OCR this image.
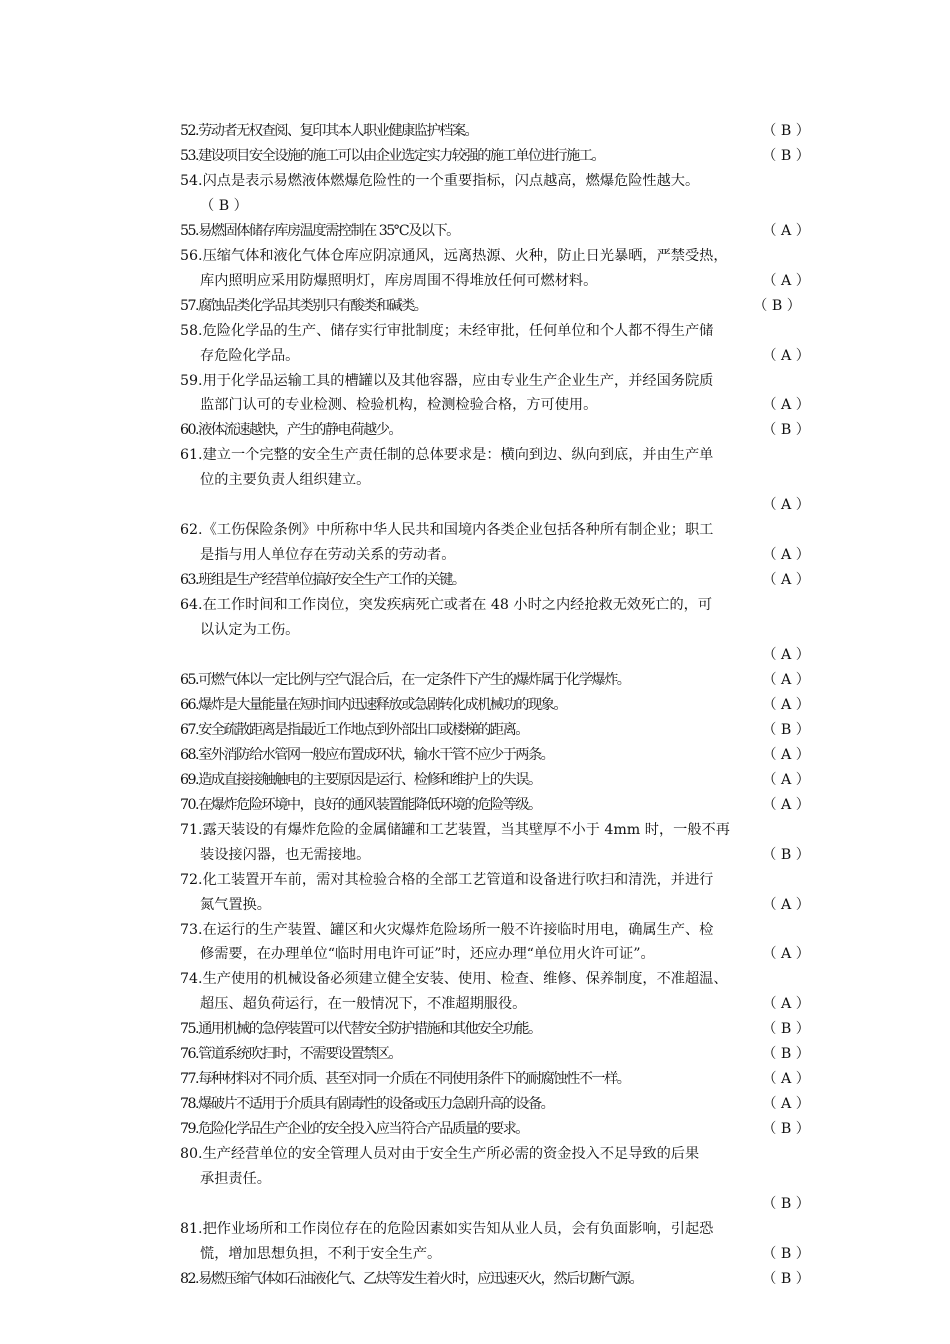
52.劳动者无权查阅、复印其本人职业健康监护档案。	（ B ）
53.建设项目安全设施的施工可以由企业选定实力较强的施工单位进行施工。	（ B ）
54.闪点是表示易燃液体燃爆危险性的一个重要指标，闪点越高，燃爆危险性越大。

（ B ）
55.易燃固体储存库房温度需控制在 35℃及以下。	（ A ）
56.压缩气体和液化气体仓库应阴凉通风，远离热源、火种，防止日光暴晒，严禁受热，
库内照明应采用防爆照明灯，库房周围不得堆放任何可燃材料。	（ A ）
57.腐蚀品类化学品其类别只有酸类和碱类。	（ B ）
58.危险化学品的生产、储存实行审批制度；未经审批，任何单位和个人都不得生产储
存危险化学品。	（ A ）
59.用于化学品运输工具的槽罐以及其他容器，应由专业生产企业生产，并经国务院质
监部门认可的专业检测、检验机构，检测检验合格，方可使用。	（ A ）
60.液体流速越快，产生的静电荷越少。	（ B ）
61.建立一个完整的安全生产责任制的总体要求是：横向到边、纵向到底，并由生产单
位的主要负责人组织建立。

（ A ）
62.《工伤保险条例》中所称中华人民共和国境内各类企业包括各种所有制企业；职工
是指与用人单位存在劳动关系的劳动者。	（ A ）
63.班组是生产经营单位搞好安全生产工作的关键。	（ A ）
64.在工作时间和工作岗位，突发疾病死亡或者在 48 小时之内经抢救无效死亡的，可
以认定为工伤。

（ A ）
65.可燃气体以一定比例与空气混合后，在一定条件下产生的爆炸属于化学爆炸。	（ A ）
66.爆炸是大量能量在短时间内迅速释放或急剧转化成机械功的现象。	（ A ）
67.安全疏散距离是指最近工作地点到外部出口或楼梯的距离。	（ B ）
68.室外消防给水管网一般应布置成环状，输水干管不应少于两条。	（ A ）
69.造成直接接触触电的主要原因是运行、检修和维护上的失误。	（ A ）
70.在爆炸危险环境中，良好的通风装置能降低环境的危险等级。	（ A ）
71.露天装设的有爆炸危险的金属储罐和工艺装置，当其壁厚不小于 4mm 时，一般不再
装设接闪器，也无需接地。	（ B ）
72.化工装置开车前，需对其检验合格的全部工艺管道和设备进行吹扫和清洗，并进行
氮气置换。	（ A ）
73.在运行的生产装置、罐区和火灾爆炸危险场所一般不许接临时用电，确属生产、检
修需要，在办理单位“临时用电许可证”时，还应办理“单位用火许可证”。	（ A ）
74.生产使用的机械设备必须建立健全安装、使用、检查、维修、保养制度，不准超温、
超压、超负荷运行，在一般情况下，不准超期服役。	（ A ）
75.通用机械的急停装置可以代替安全防护措施和其他安全功能。	（ B ）
76.管道系统吹扫时，不需要设置禁区。	（ B ）
77.每种材料对不同介质、甚至对同一介质在不同使用条件下的耐腐蚀性不一样。	（ A ）
78.爆破片不适用于介质具有剧毒性的设备或压力急剧升高的设备。	（ A ）
79.危险化学品生产企业的安全投入应当符合产品质量的要求。	（ B ）
80.生产经营单位的安全管理人员对由于安全生产所必需的资金投入不足导致的后果
承担责任。

（ B ）
81.把作业场所和工作岗位存在的危险因素如实告知从业人员，会有负面影响，引起恐
慌，增加思想负担，不利于安全生产。	（ B ）
82.易燃压缩气体如石油液化气、乙炔等发生着火时，应迅速灭火，然后切断气源。	（ B ）
